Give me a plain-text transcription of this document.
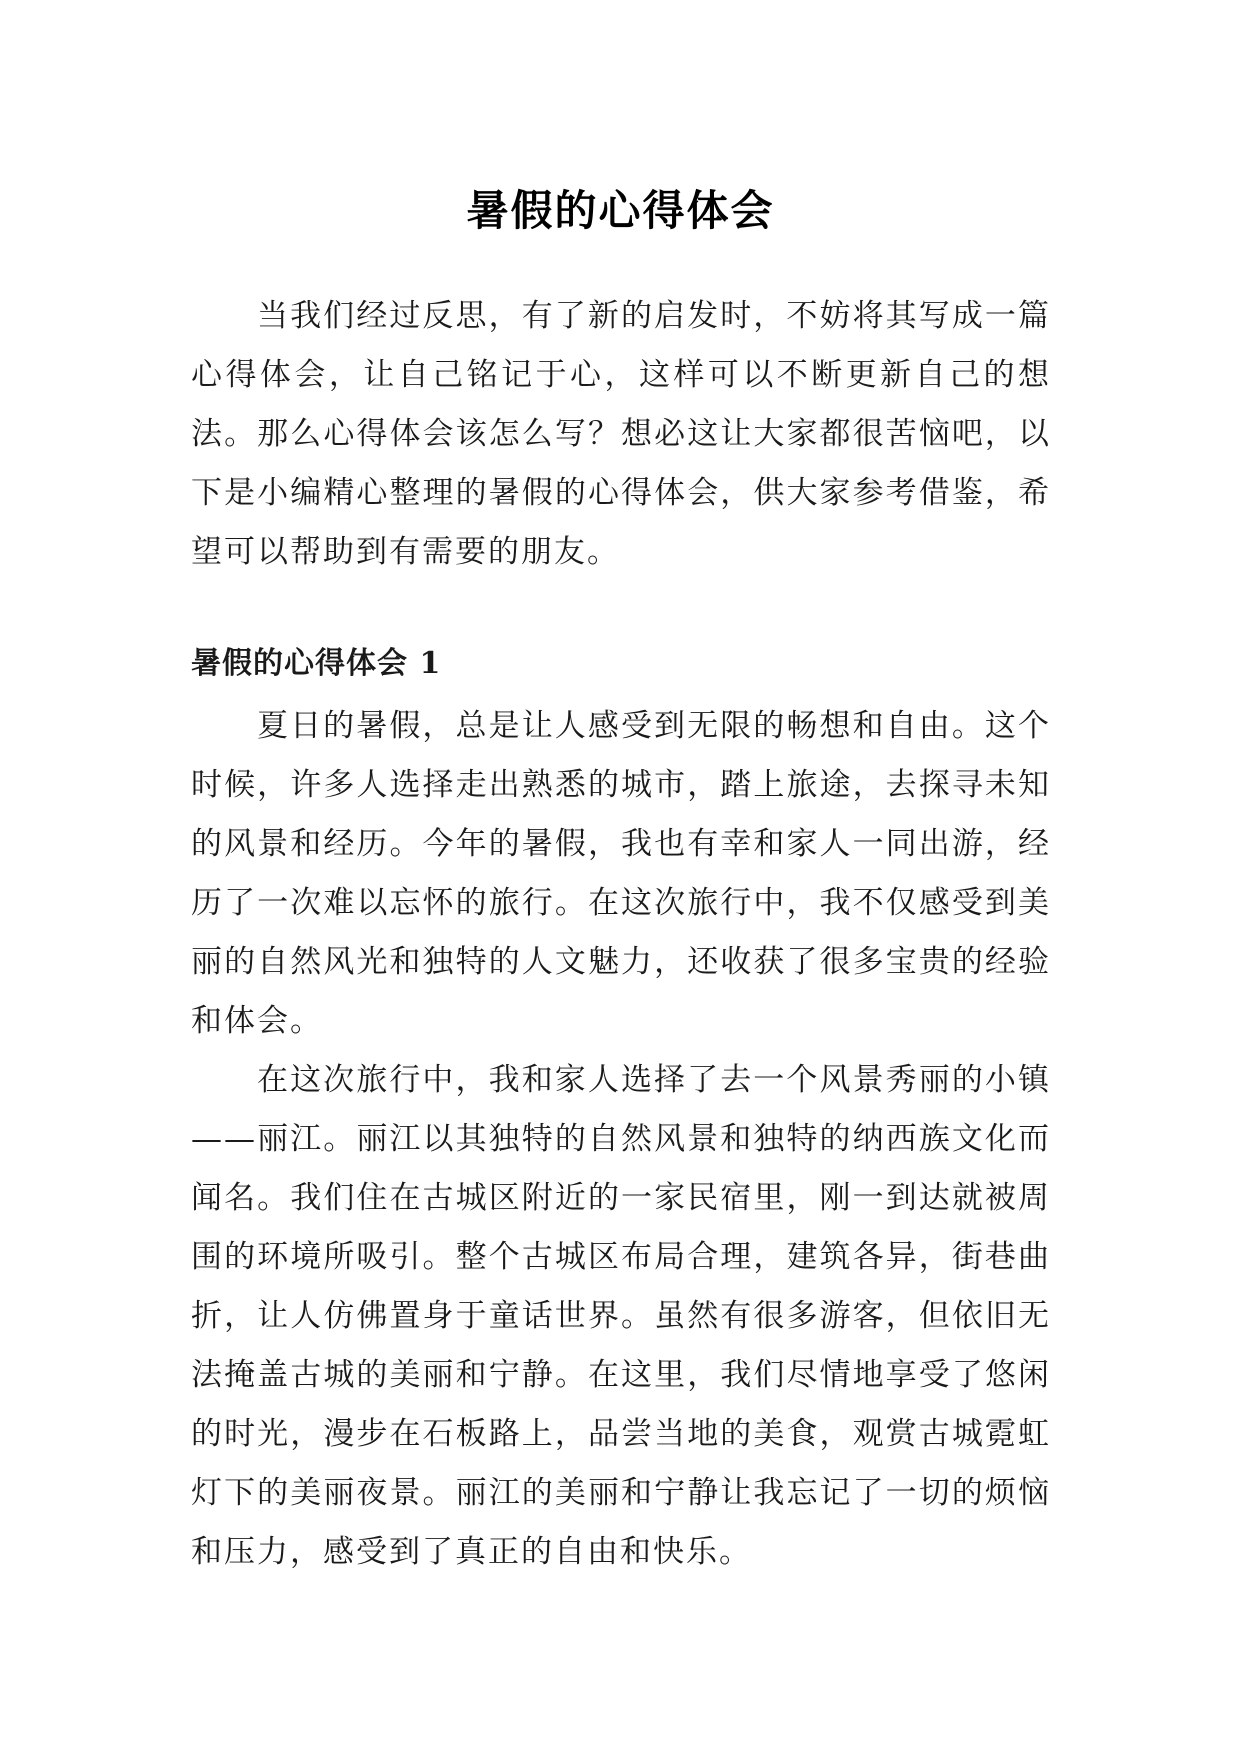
暑假的心得体会

当我们经过反思，有了新的启发时，不妨将其写成一篇心得体会，让自己铭记于心，这样可以不断更新自己的想法。那么心得体会该怎么写？想必这让大家都很苦恼吧，以下是小编精心整理的暑假的心得体会，供大家参考借鉴，希望可以帮助到有需要的朋友。

暑假的心得体会 1

夏日的暑假，总是让人感受到无限的畅想和自由。这个时候，许多人选择走出熟悉的城市，踏上旅途，去探寻未知的风景和经历。今年的暑假，我也有幸和家人一同出游，经历了一次难以忘怀的旅行。在这次旅行中，我不仅感受到美丽的自然风光和独特的人文魅力，还收获了很多宝贵的经验和体会。

在这次旅行中，我和家人选择了去一个风景秀丽的小镇——丽江。丽江以其独特的自然风景和独特的纳西族文化而闻名。我们住在古城区附近的一家民宿里，刚一到达就被周围的环境所吸引。整个古城区布局合理，建筑各异，街巷曲折，让人仿佛置身于童话世界。虽然有很多游客，但依旧无法掩盖古城的美丽和宁静。在这里，我们尽情地享受了悠闲的时光，漫步在石板路上，品尝当地的美食，观赏古城霓虹灯下的美丽夜景。丽江的美丽和宁静让我忘记了一切的烦恼和压力，感受到了真正的自由和快乐。
